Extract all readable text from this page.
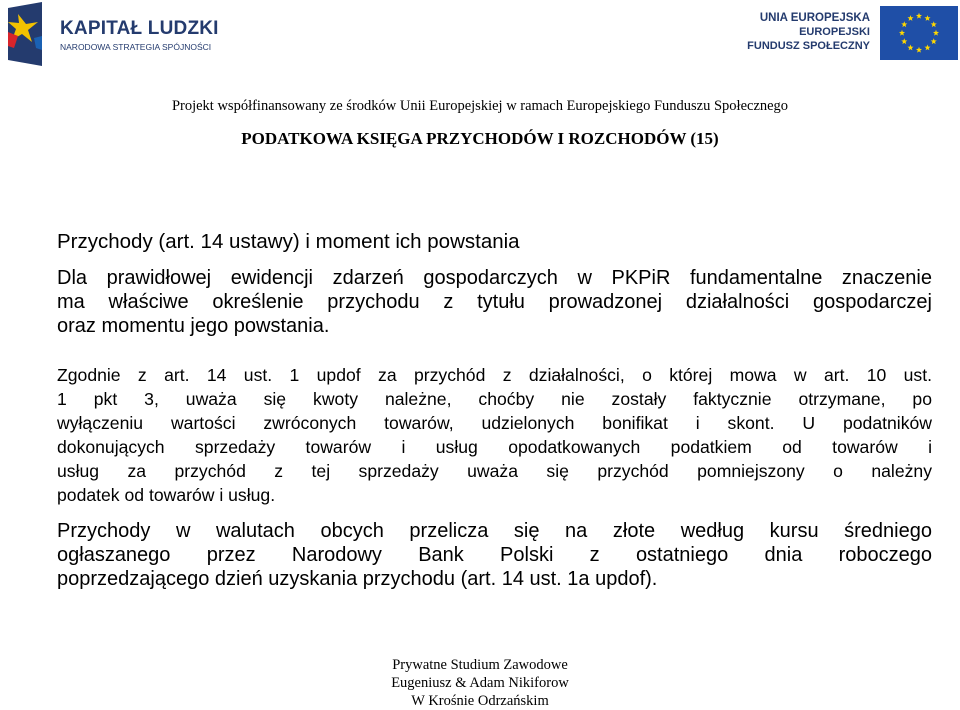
KAPITAŁ LUDZKI
NARODOWA STRATEGIA SPÓJNOŚCI
UNIA EUROPEJSKA
EUROPEJSKI
FUNDUSZ SPOŁECZNY
Projekt współfinansowany ze środków Unii Europejskiej w ramach Europejskiego Funduszu Społecznego
PODATKOWA KSIĘGA PRZYCHODÓW I ROZCHODÓW (15)
Przychody (art. 14 ustawy) i moment ich powstania
Dla prawidłowej ewidencji zdarzeń gospodarczych w PKPiR fundamentalne znaczenie
ma właściwe określenie przychodu z tytułu prowadzonej działalności gospodarczej
oraz momentu jego powstania.
Zgodnie z art. 14 ust. 1 updof za przychód z działalności, o której mowa w art. 10 ust.
1 pkt 3, uważa się kwoty należne, choćby nie zostały faktycznie otrzymane, po
wyłączeniu wartości zwróconych towarów, udzielonych bonifikat i skont. U podatników
dokonujących sprzedaży towarów i usług opodatkowanych podatkiem od towarów i
usług za przychód z tej sprzedaży uważa się przychód pomniejszony o należny
podatek od towarów i usług.
Przychody w walutach obcych przelicza się na złote według kursu średniego
ogłaszanego przez Narodowy Bank Polski z ostatniego dnia roboczego
poprzedzającego dzień uzyskania przychodu (art. 14 ust. 1a updof).
Prywatne Studium Zawodowe
Eugeniusz & Adam Nikiforow
W Krośnie Odrzańskim
